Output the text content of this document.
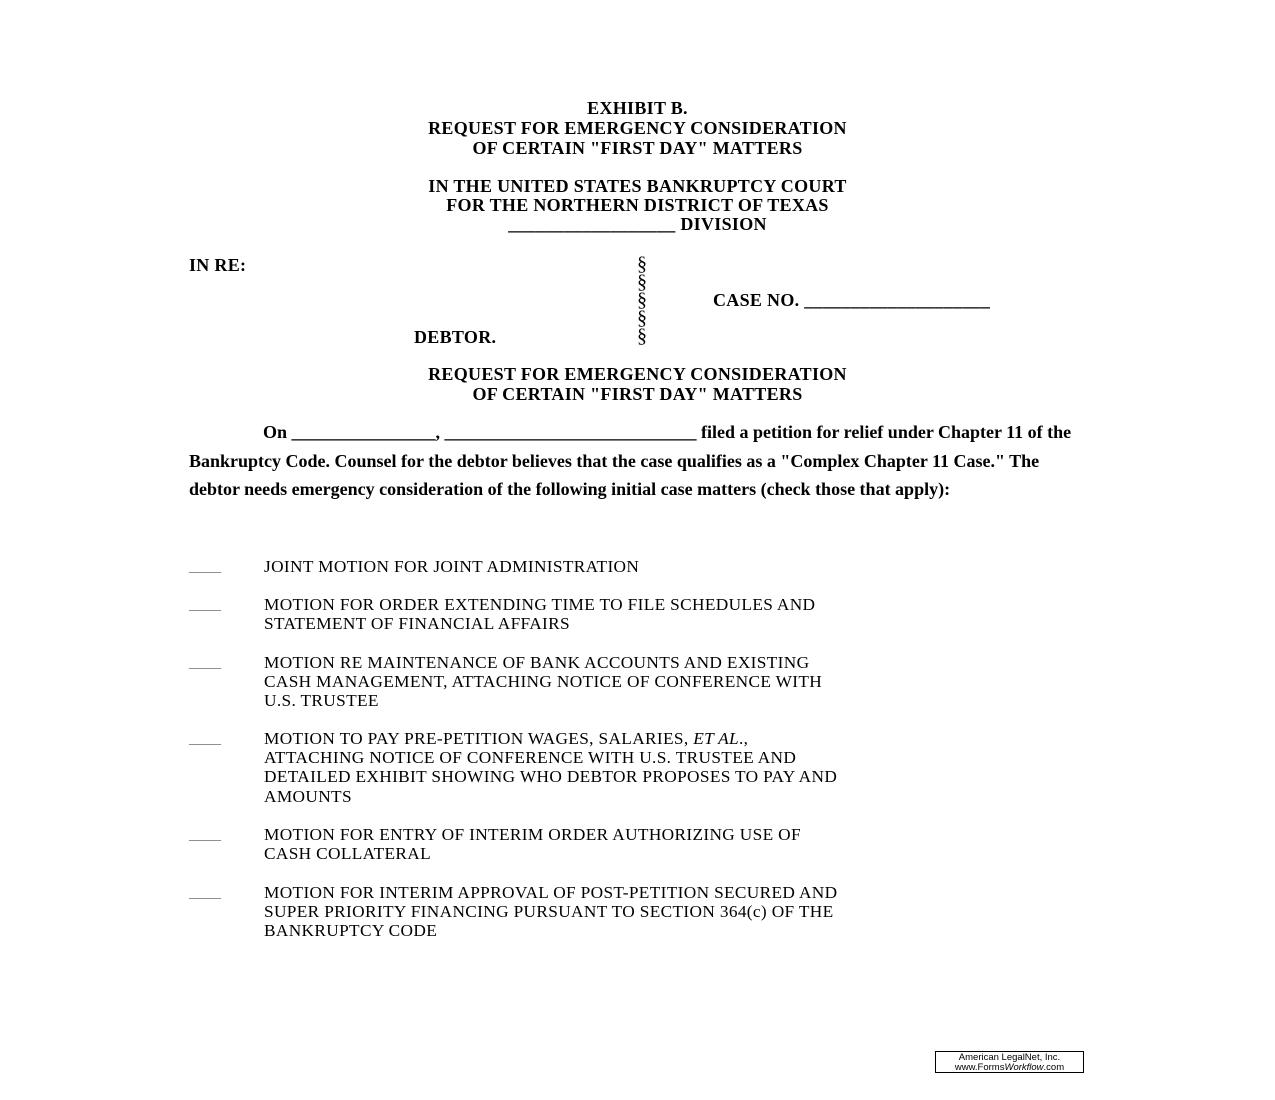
EXHIBIT B.
REQUEST FOR EMERGENCY CONSIDERATION
OF CERTAIN "FIRST DAY" MATTERS
IN THE UNITED STATES BANKRUPTCY COURT
FOR THE NORTHERN DISTRICT OF TEXAS
__________________ DIVISION
IN RE:
DEBTOR.
CASE NO. ____________________
§
§
§
§
§
REQUEST FOR EMERGENCY CONSIDERATION
OF CERTAIN "FIRST DAY" MATTERS
On ________________, ____________________________ filed a petition for relief under Chapter 11 of the Bankruptcy Code. Counsel for the debtor believes that the case qualifies as a "Complex Chapter 11 Case." The debtor needs emergency consideration of the following initial case matters (check those that apply):
____ JOINT MOTION FOR JOINT ADMINISTRATION
____ MOTION FOR ORDER EXTENDING TIME TO FILE SCHEDULES AND
STATEMENT OF FINANCIAL AFFAIRS
____ MOTION RE MAINTENANCE OF BANK ACCOUNTS AND EXISTING
CASH MANAGEMENT, ATTACHING NOTICE OF CONFERENCE WITH
U.S. TRUSTEE
____ MOTION TO PAY PRE-PETITION WAGES, SALARIES, ET AL.,
ATTACHING NOTICE OF CONFERENCE WITH U.S. TRUSTEE AND
DETAILED EXHIBIT SHOWING WHO DEBTOR PROPOSES TO PAY AND
AMOUNTS
____ MOTION FOR ENTRY OF INTERIM ORDER AUTHORIZING USE OF
CASH COLLATERAL
____ MOTION FOR INTERIM APPROVAL OF POST-PETITION SECURED AND
SUPER PRIORITY FINANCING PURSUANT TO SECTION 364(c) OF THE
BANKRUPTCY CODE
American LegalNet, Inc.
www.FormsWorkflow.com
